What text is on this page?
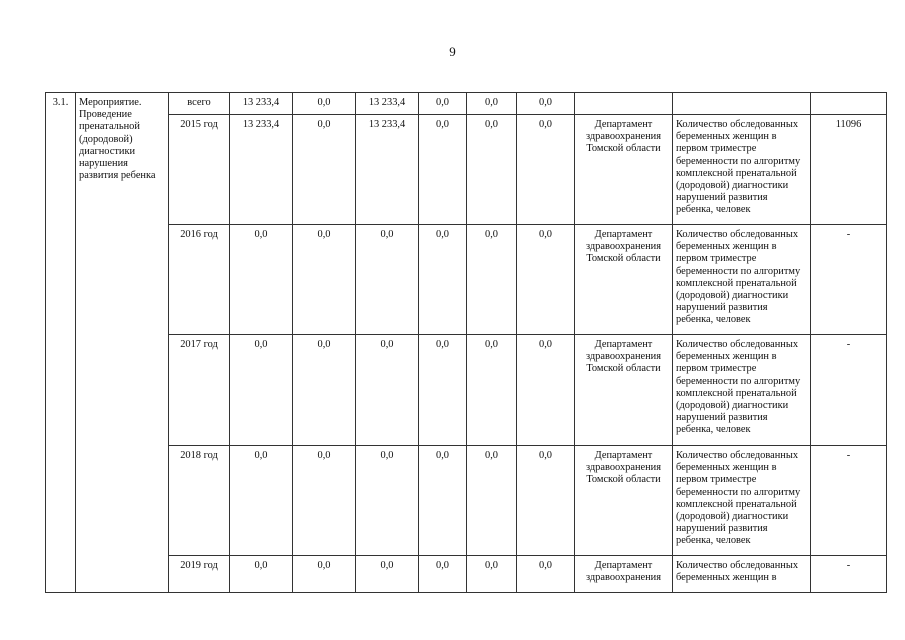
9
3.1.	Мероприятие. Проведение пренатальной (дородовой) диагностики нарушения развития ребенка	всего	13 233,4	0,0	13 233,4	0,0	0,0	0,0			
		2015 год	13 233,4	0,0	13 233,4	0,0	0,0	0,0	Департамент здравоохранения Томской области	Количество обследованных беременных женщин в первом триместре беременности по алгоритму комплексной пренатальной (дородовой) диагностики нарушений развития ребенка, человек	11096
		2016 год	0,0	0,0	0,0	0,0	0,0	0,0	Департамент здравоохранения Томской области	Количество обследованных беременных женщин в первом триместре беременности по алгоритму комплексной пренатальной (дородовой) диагностики нарушений развития ребенка, человек	-
		2017 год	0,0	0,0	0,0	0,0	0,0	0,0	Департамент здравоохранения Томской области	Количество обследованных беременных женщин в первом триместре беременности по алгоритму комплексной пренатальной (дородовой) диагностики нарушений развития ребенка, человек	-
		2018 год	0,0	0,0	0,0	0,0	0,0	0,0	Департамент здравоохранения Томской области	Количество обследованных беременных женщин в первом триместре беременности по алгоритму комплексной пренатальной (дородовой) диагностики нарушений развития ребенка, человек	-
		2019 год	0,0	0,0	0,0	0,0	0,0	0,0	Департамент здравоохранения	Количество обследованных беременных женщин в	-
